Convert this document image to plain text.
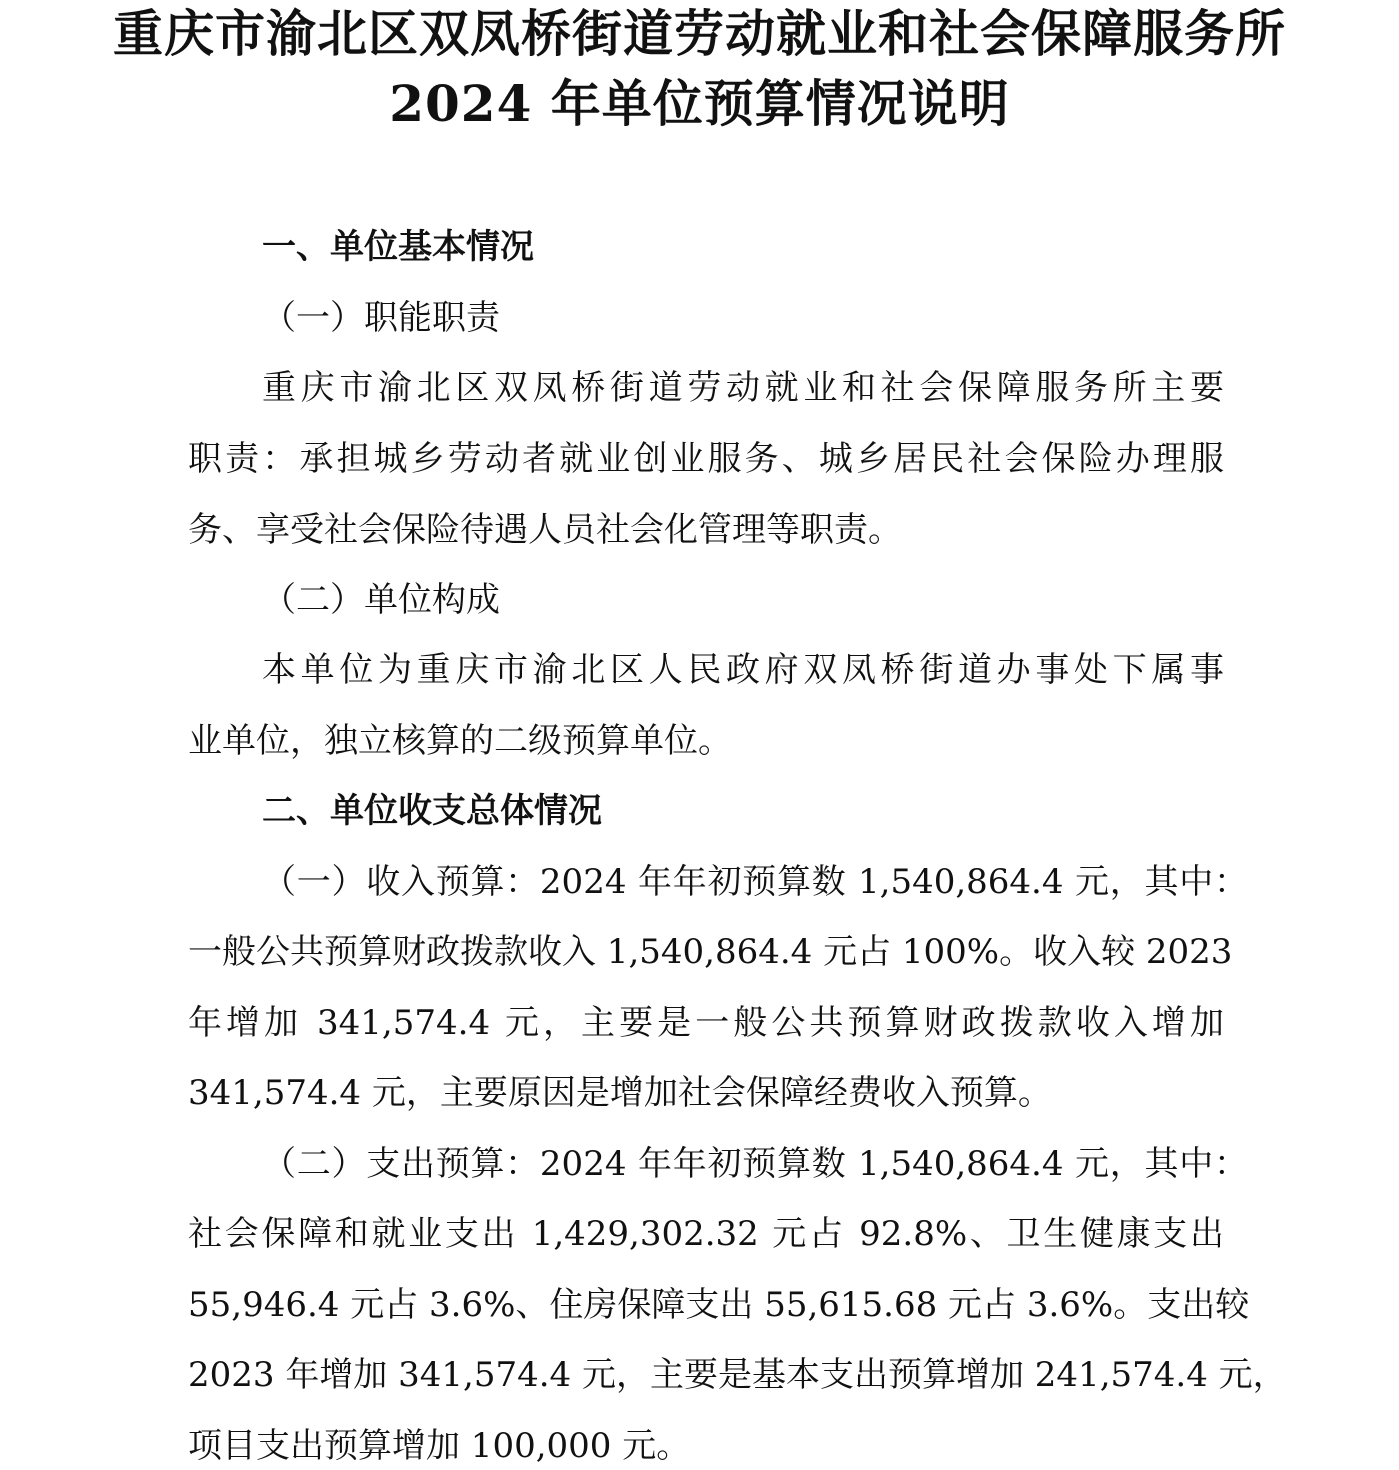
重庆市渝北区双凤桥街道劳动就业和社会保障服务所
2024 年单位预算情况说明
一、单位基本情况
（一）职能职责
重庆市渝北区双凤桥街道劳动就业和社会保障服务所主要
职责：承担城乡劳动者就业创业服务、城乡居民社会保险办理服
务、享受社会保险待遇人员社会化管理等职责。
（二）单位构成
本单位为重庆市渝北区人民政府双凤桥街道办事处下属事
业单位，独立核算的二级预算单位。
二、单位收支总体情况
（一）收入预算：2024 年年初预算数 1,540,864.4 元，其中：
一般公共预算财政拨款收入 1,540,864.4 元占 100%。收入较 2023
年增加 341,574.4 元，主要是一般公共预算财政拨款收入增加
341,574.4 元，主要原因是增加社会保障经费收入预算。
（二）支出预算：2024 年年初预算数 1,540,864.4 元，其中：
社会保障和就业支出 1,429,302.32 元占 92.8%、卫生健康支出
55,946.4 元占 3.6%、住房保障支出 55,615.68 元占 3.6%。支出较
2023 年增加 341,574.4 元，主要是基本支出预算增加 241,574.4 元，
项目支出预算增加 100,000 元。
